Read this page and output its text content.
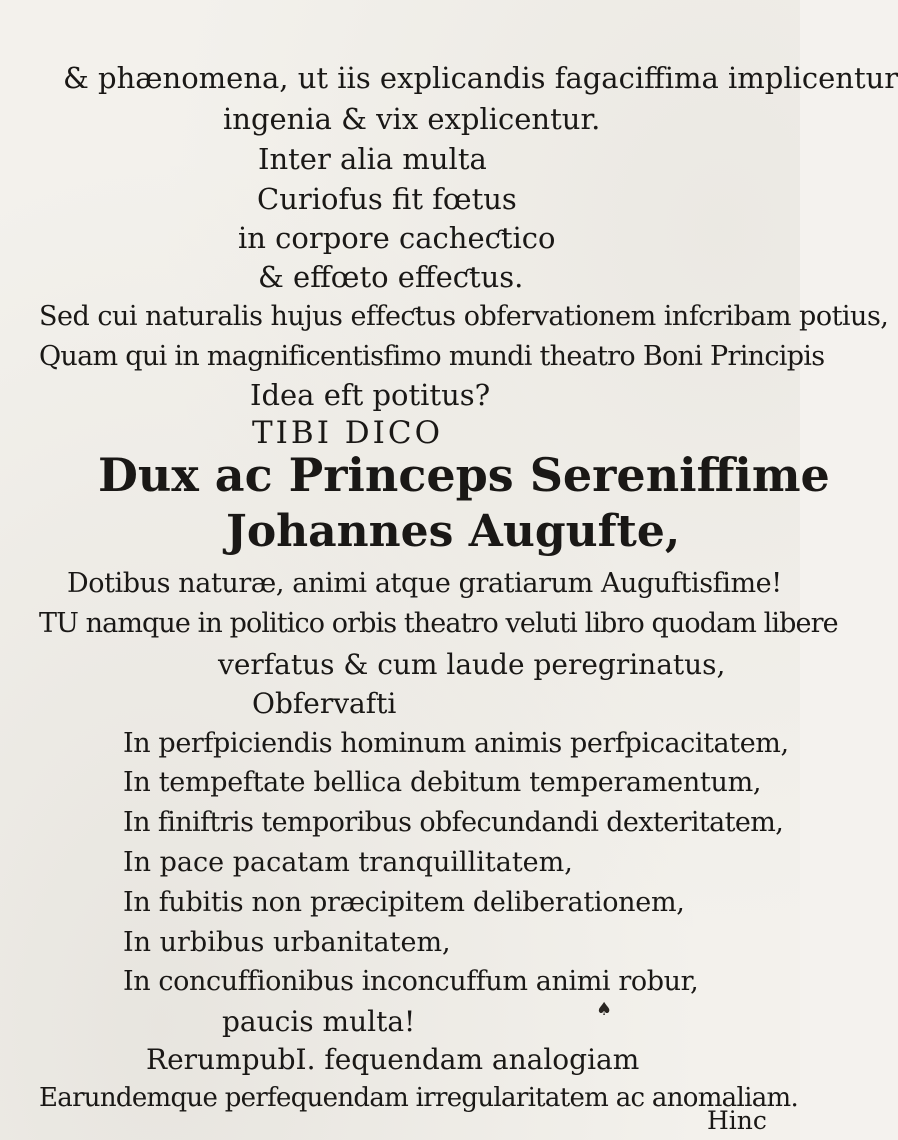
& phænomena, ut iis explicandis fagaciffima implicentur
ingenia & vix explicentur.
Inter alia multa
Curiofus fit fœtus
in corpore cacheƈtico
& effœto effeƈtus.
Sed cui naturalis hujus effeƈtus obfervationem infcribam potius,
Quam qui in magnificentisfimo mundi theatro Boni Principis
Idea eft potitus?
TIBI DICO
Dux ac Princeps Sereniffime
Johannes Augufte,
Dotibus naturæ, animi atque gratiarum Auguftisfime!
TU namque in politico orbis theatro veluti libro quodam libere
verfatus & cum laude peregrinatus,
Obfervafti
In perfpiciendis hominum animis perfpicacitatem,
In tempeftate bellica debitum temperamentum,
In finiftris temporibus obfecundandi dexteritatem,
In pace pacatam tranquillitatem,
In fubitis non præcipitem deliberationem,
In urbibus urbanitatem,
In concuffionibus inconcuffum animi robur,
paucis multa!	♠
RerumpubI. fequendam analogiam
Earundemque perfequendam irregularitatem ac anomaliam.
Hinc
